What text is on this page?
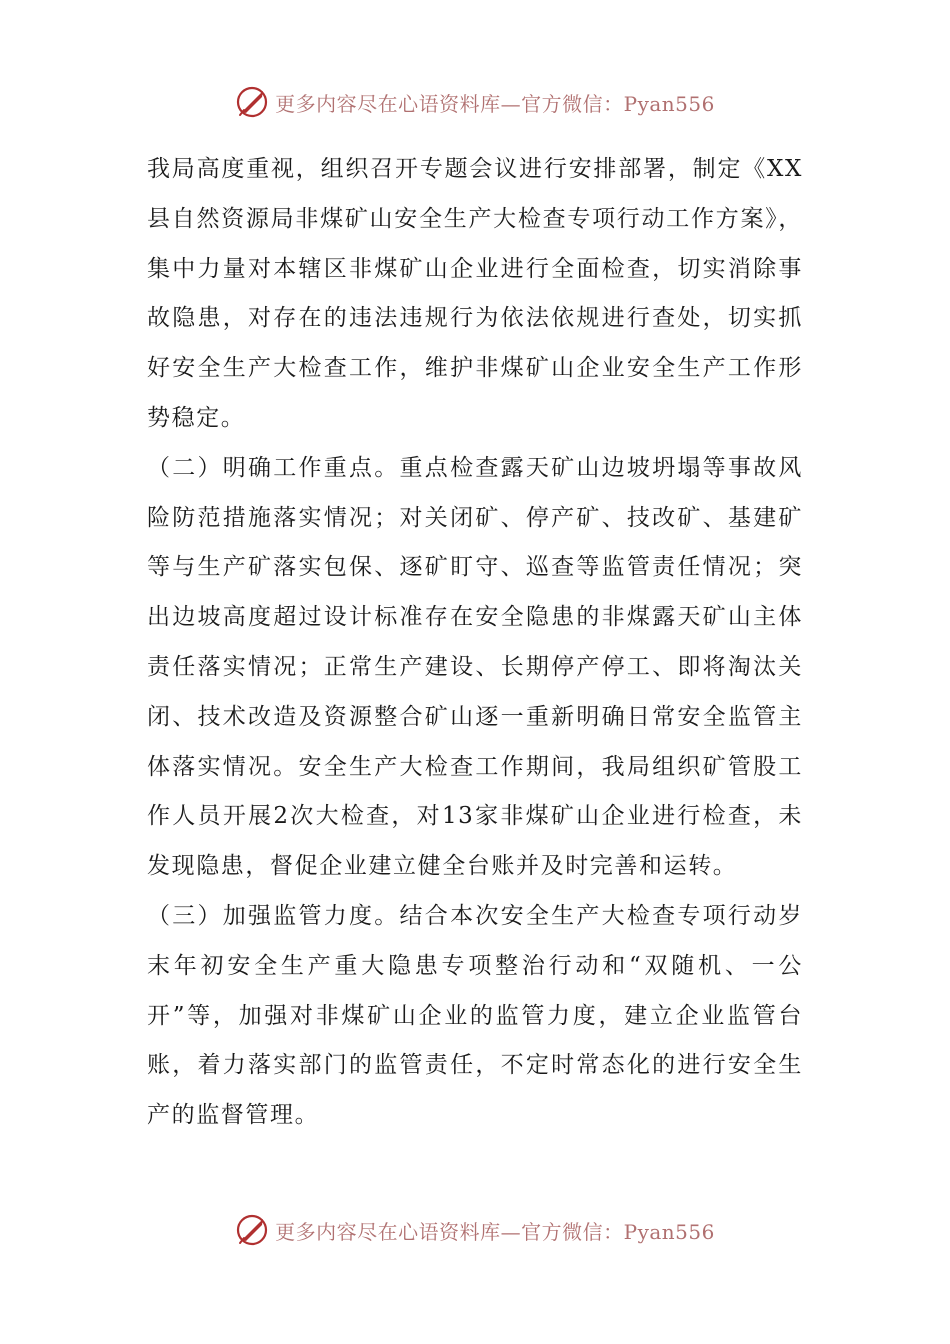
更多内容尽在心语资料库—官方微信：Pyan556

我局高度重视，组织召开专题会议进行安排部署，制定《XX县自然资源局非煤矿山安全生产大检查专项行动工作方案》，集中力量对本辖区非煤矿山企业进行全面检查，切实消除事故隐患，对存在的违法违规行为依法依规进行查处，切实抓好安全生产大检查工作，维护非煤矿山企业安全生产工作形势稳定。

（二）明确工作重点。重点检查露天矿山边坡坍塌等事故风险防范措施落实情况；对关闭矿、停产矿、技改矿、基建矿等与生产矿落实包保、逐矿盯守、巡查等监管责任情况；突出边坡高度超过设计标准存在安全隐患的非煤露天矿山主体责任落实情况；正常生产建设、长期停产停工、即将淘汰关闭、技术改造及资源整合矿山逐一重新明确日常安全监管主体落实情况。安全生产大检查工作期间，我局组织矿管股工作人员开展2次大检查，对13家非煤矿山企业进行检查，未发现隐患，督促企业建立健全台账并及时完善和运转。

（三）加强监管力度。结合本次安全生产大检查专项行动岁末年初安全生产重大隐患专项整治行动和“双随机、一公开”等，加强对非煤矿山企业的监管力度，建立企业监管台账，着力落实部门的监管责任，不定时常态化的进行安全生产的监督管理。

更多内容尽在心语资料库—官方微信：Pyan556
